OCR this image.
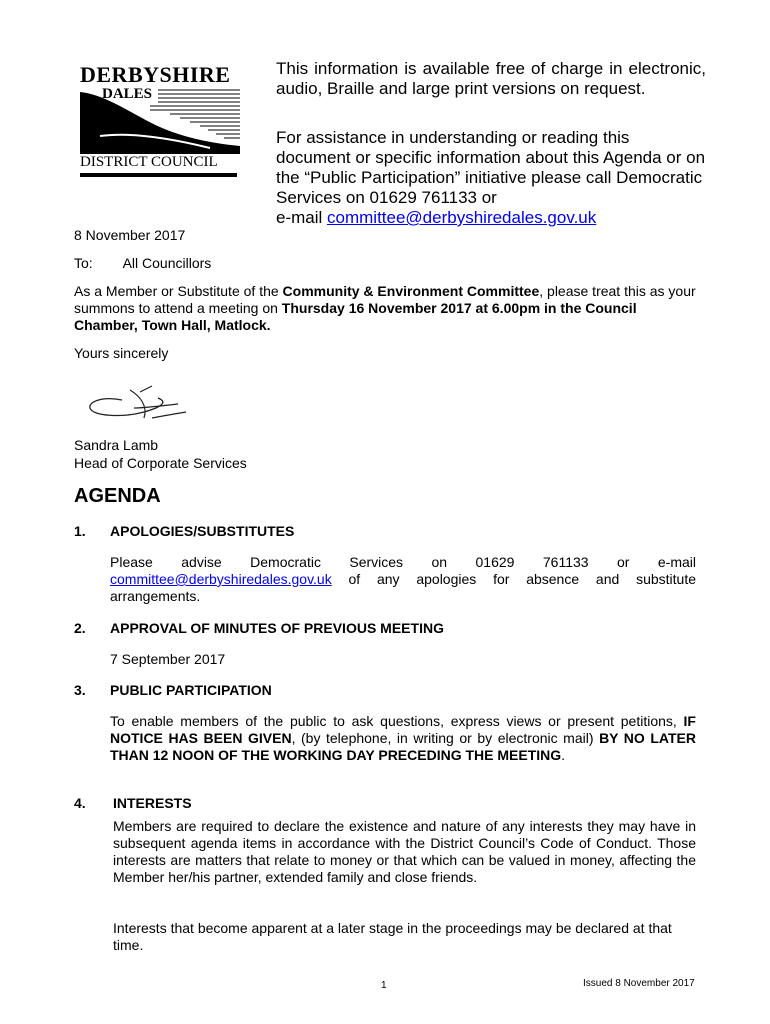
DERBYSHIRE
DALES
DISTRICT COUNCIL

This information is available free of charge in electronic, audio, Braille and large print versions on request.

For assistance in understanding or reading this document or specific information about this Agenda or on the “Public Participation” initiative please call Democratic Services on 01629 761133 or

e-mail committee@derbyshiredales.gov.uk

8 November 2017
To: All Councillors
As a Member or Substitute of the Community & Environment Committee, please treat this as your summons to attend a meeting on Thursday 16 November 2017 at 6.00pm in the Council Chamber, Town Hall, Matlock.
Yours sincerely
Sandra Lamb
Head of Corporate Services
AGENDA
1. APOLOGIES/SUBSTITUTES

Please advise Democratic Services on 01629 761133 or e-mail

committee@derbyshiredales.gov.uk of any apologies for absence and substitute arrangements.

2. APPROVAL OF MINUTES OF PREVIOUS MEETING
7 September 2017
3. PUBLIC PARTICIPATION
To enable members of the public to ask questions, express views or present petitions, IF NOTICE HAS BEEN GIVEN, (by telephone, in writing or by electronic mail) BY NO LATER THAN 12 NOON OF THE WORKING DAY PRECEDING THE MEETING.
4. INTERESTS
Members are required to declare the existence and nature of any interests they may have in subsequent agenda items in accordance with the District Council’s Code of Conduct. Those interests are matters that relate to money or that which can be valued in money, affecting the Member her/his partner, extended family and close friends.
Interests that become apparent at a later stage in the proceedings may be declared at that time.
1	Issued 8 November 2017
